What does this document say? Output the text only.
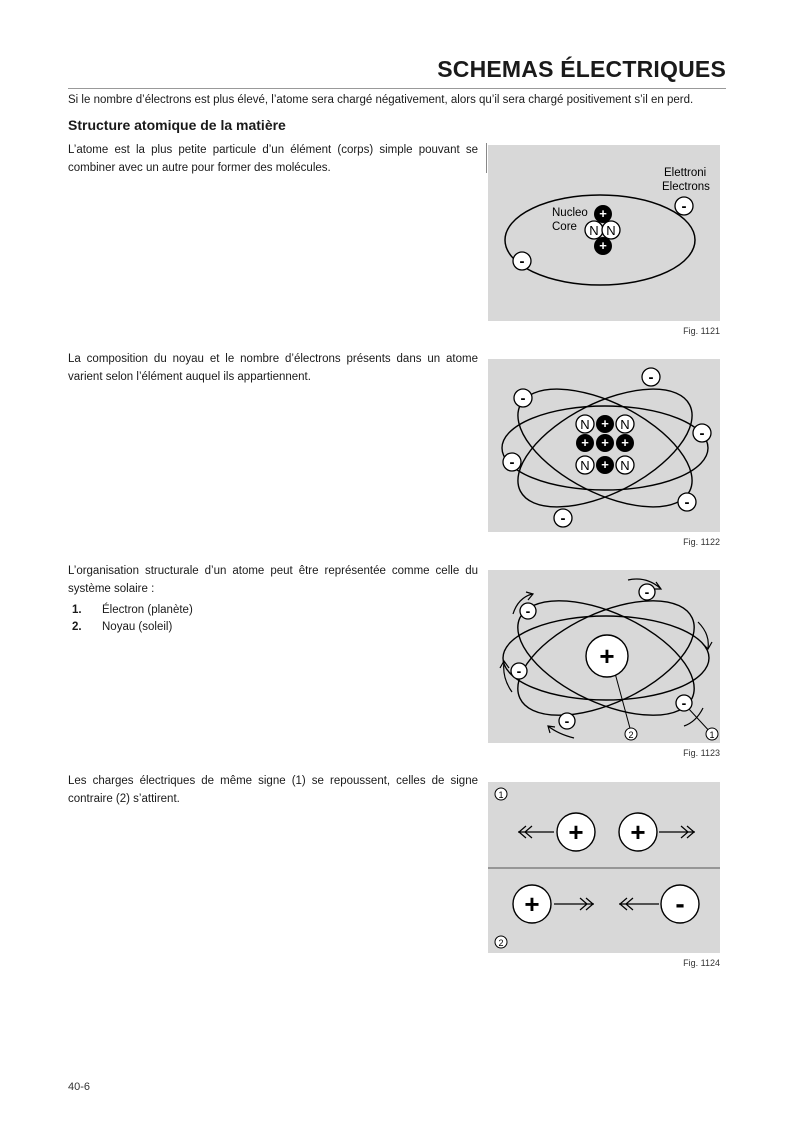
SCHEMAS ÉLECTRIQUES
Si le nombre d’électrons est plus élevé, l’atome sera chargé négativement, alors qu’il sera chargé positivement s’il en perd.
Structure atomique de la matière

L’atome est la plus petite particule d’un élément (corps) simple pouvant se combiner avec un autre pour former des molécules.	Elettroni
Electrons
Nucleo
Core
+
N N
+
-
-
Fig. 1121

La composition du noyau et le nombre d’électrons présents dans un atome varient selon l’élément auquel ils appartiennent.

N + N
+ + +
N + N
-
-
-
-
-
-
Fig. 1122

L’organisation structurale d’un atome peut être représentée comme celle du système solaire :

1.	Électron (planète)
2.	Noyau (soleil)
+
-
-
-
-
-
1
2
Fig. 1123

Les charges électriques de même signe (1) se repoussent, celles de signe contraire (2) s’attirent.	1
2
+ +
+	-
Fig. 1124
40-6
